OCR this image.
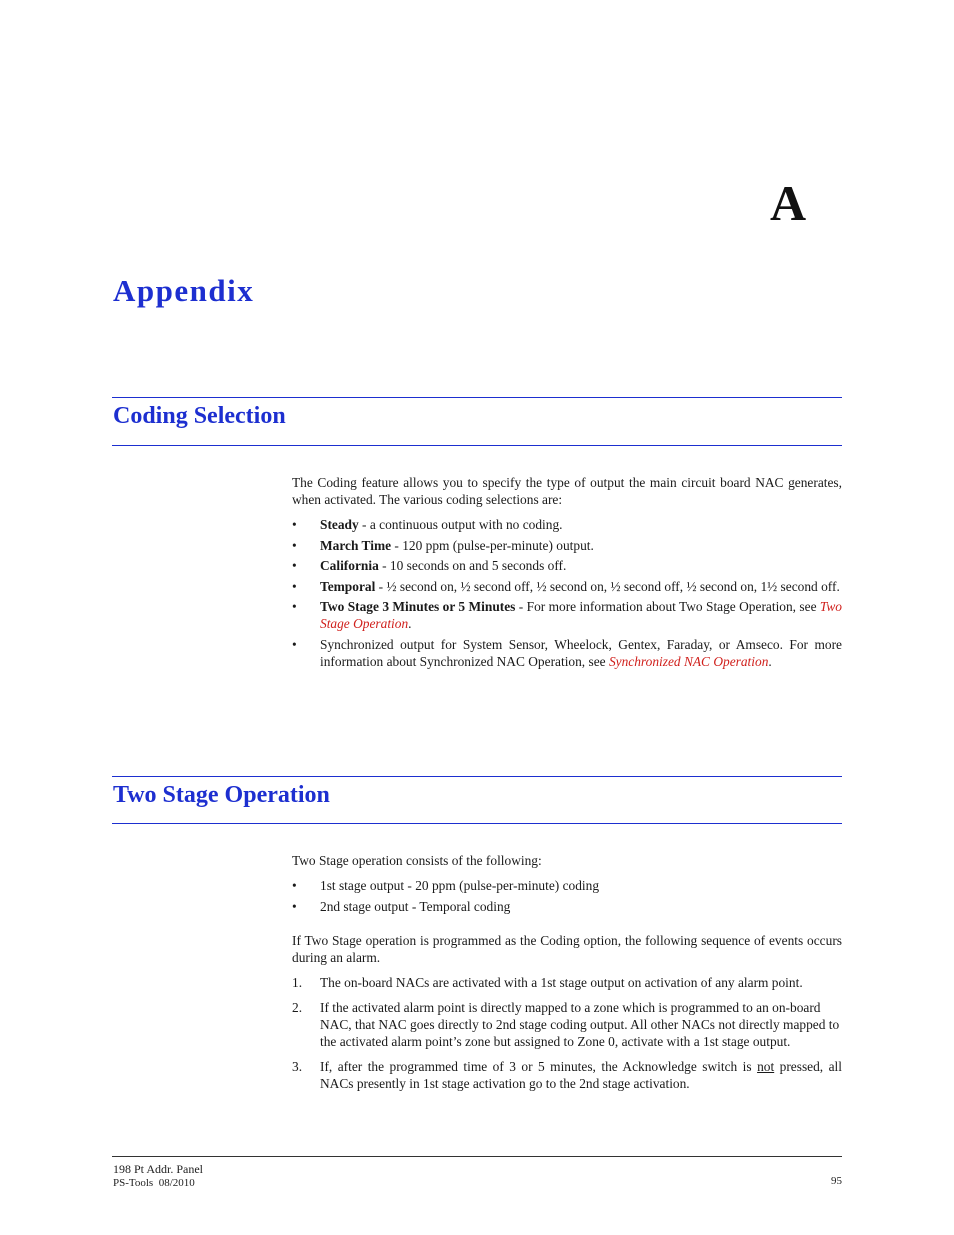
A
Appendix
Coding Selection

The Coding feature allows you to specify the type of output the main circuit board NAC generates, when activated. The various coding selections are:

• Steady - a continuous output with no coding.
• March Time - 120 ppm (pulse-per-minute) output.
• California - 10 seconds on and 5 seconds off.
• Temporal - ½ second on, ½ second off, ½ second on, ½ second off, ½ second on, 1½ second off.
• Two Stage 3 Minutes or 5 Minutes - For more information about Two Stage Operation, see Two Stage Operation.
• Synchronized output for System Sensor, Wheelock, Gentex, Faraday, or Amseco. For more information about Synchronized NAC Operation, see Synchronized NAC Operation.
Two Stage Operation

Two Stage operation consists of the following:

• 1st stage output - 20 ppm (pulse-per-minute) coding
• 2nd stage output - Temporal coding

If Two Stage operation is programmed as the Coding option, the following sequence of events occurs during an alarm.

1. The on-board NACs are activated with a 1st stage output on activation of any alarm point.
2. If the activated alarm point is directly mapped to a zone which is programmed to an on-board NAC, that NAC goes directly to 2nd stage coding output. All other NACs not directly mapped to the activated alarm point’s zone but assigned to Zone 0, activate with a 1st stage output.
3. If, after the programmed time of 3 or 5 minutes, the Acknowledge switch is not pressed, all NACs presently in 1st stage activation go to the 2nd stage activation.
198 Pt Addr. Panel
PS-Tools 08/2010	95
